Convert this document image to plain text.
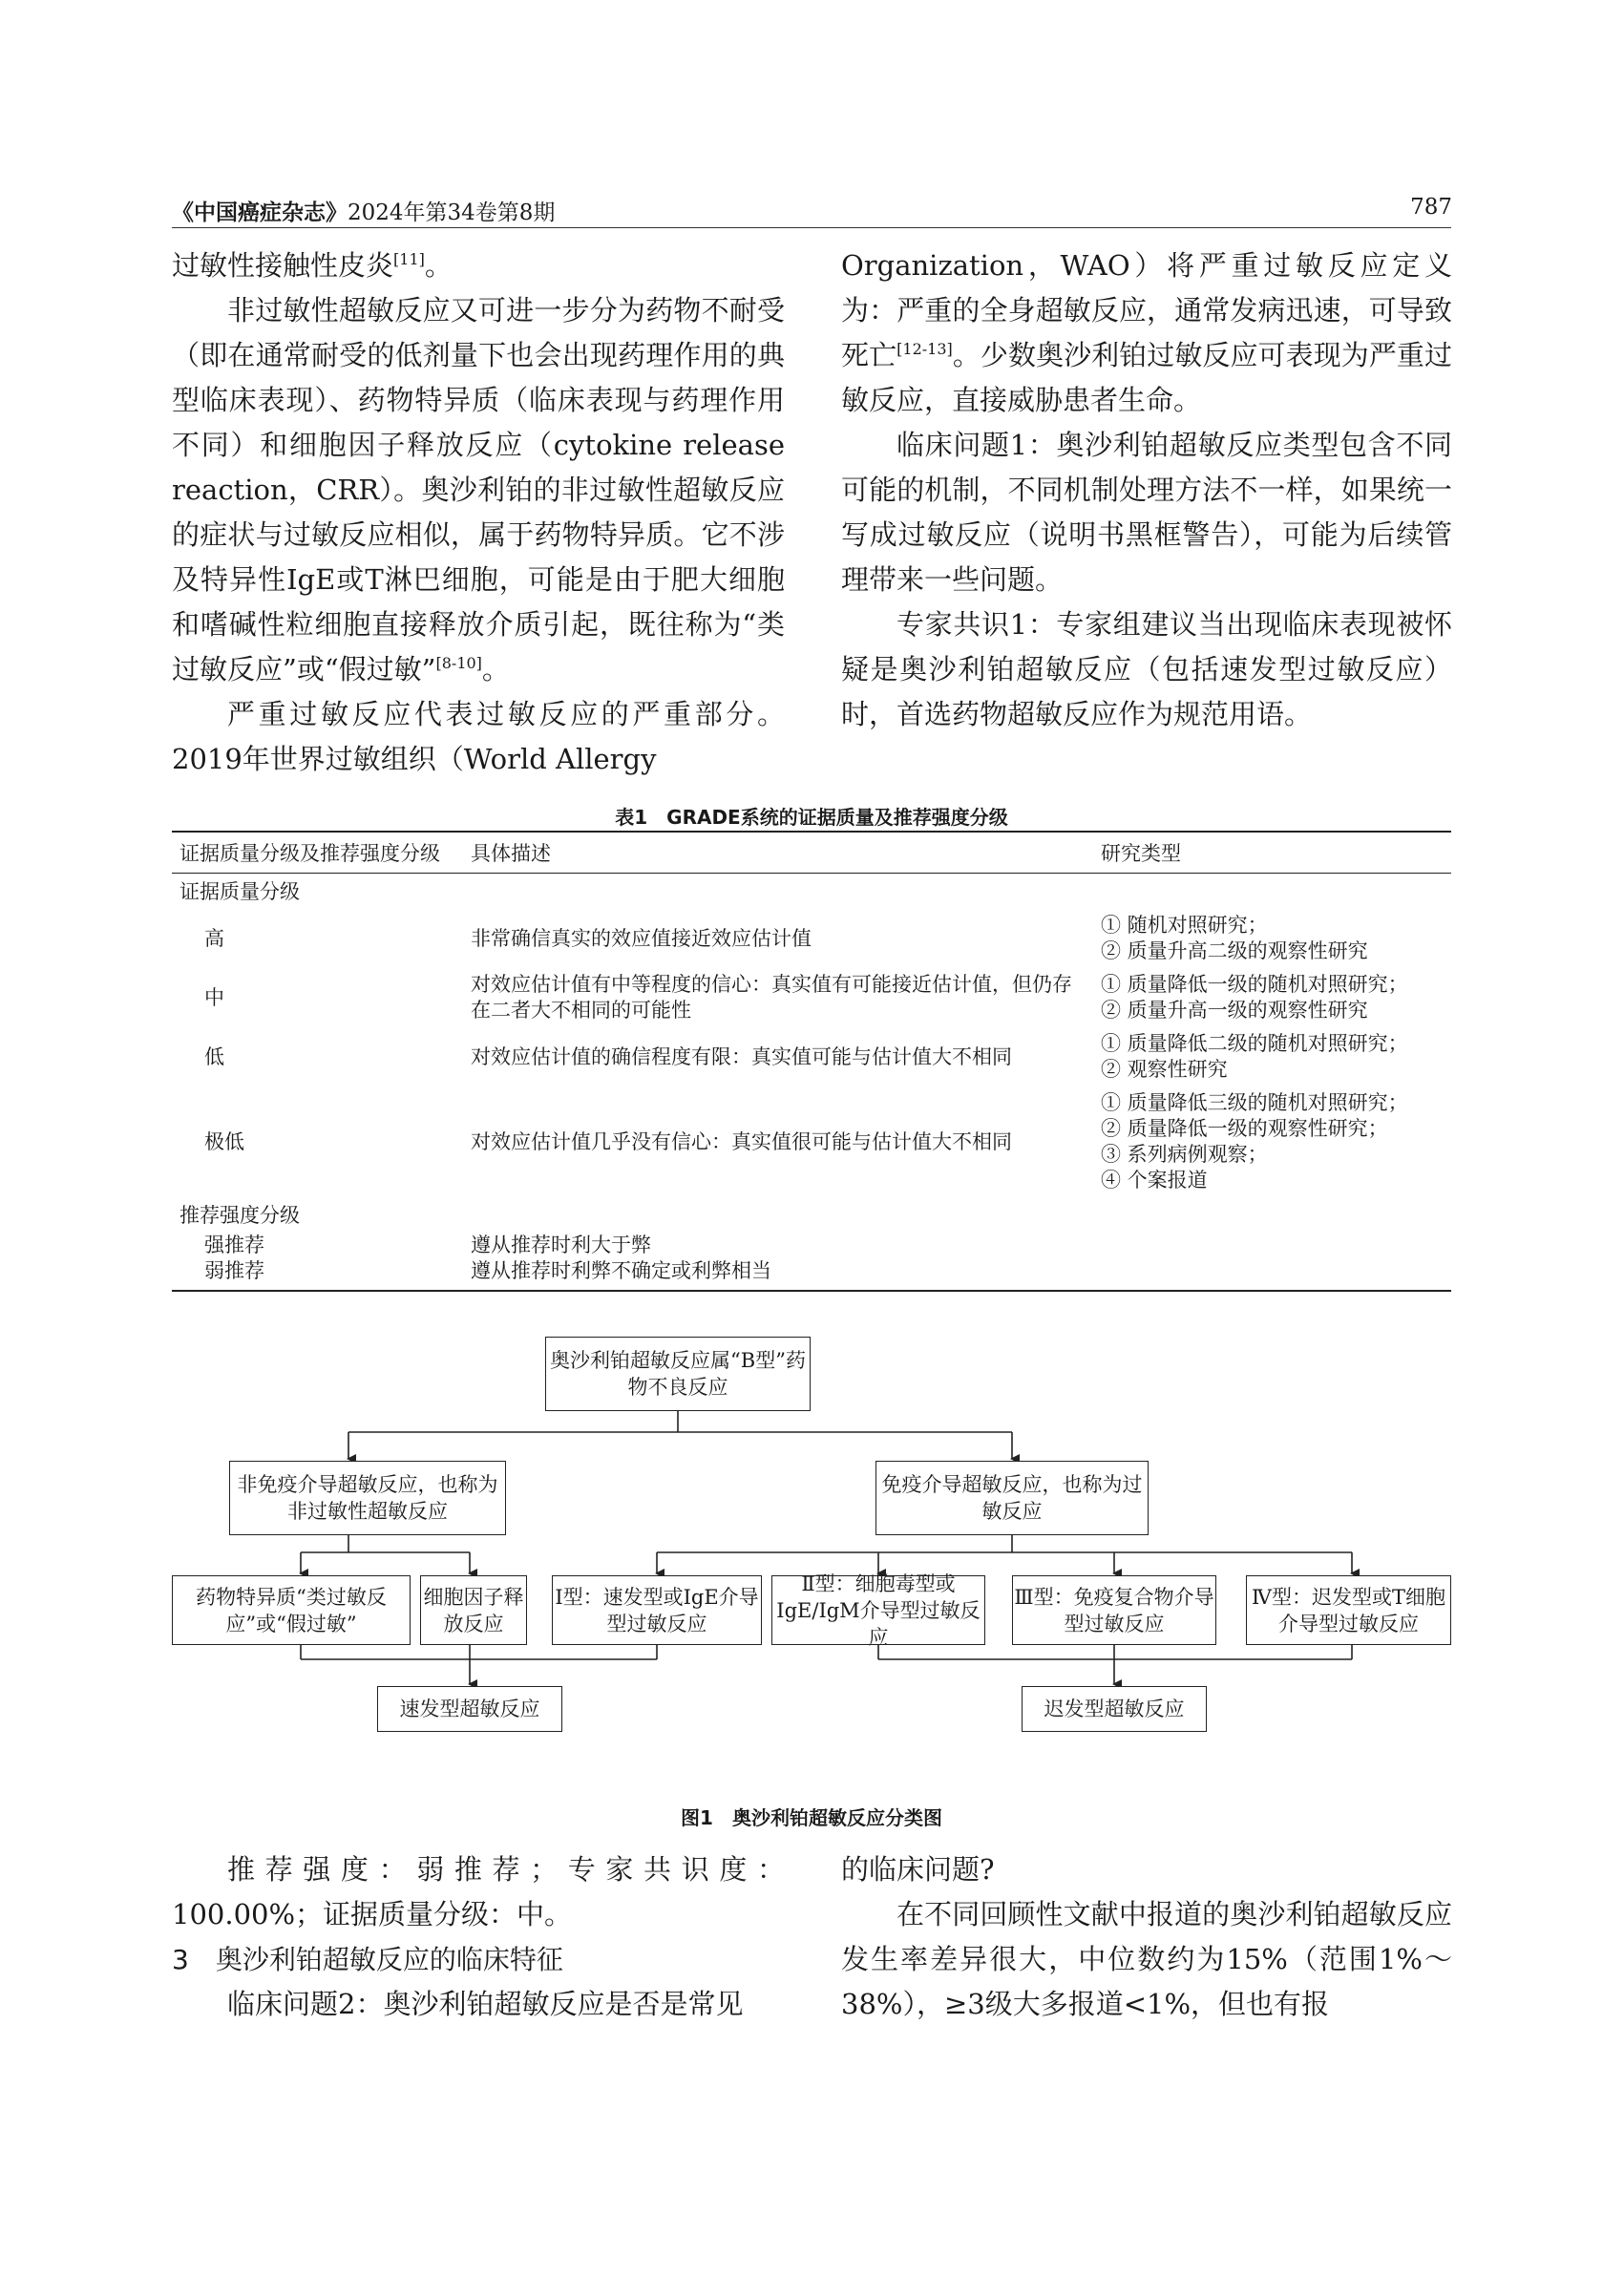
《中国癌症杂志》2024年第34卷第8期	787

过敏性接触性皮炎[11]。

非过敏性超敏反应又可进一步分为药物不耐受（即在通常耐受的低剂量下也会出现药理作用的典型临床表现）、药物特异质（临床表现与药理作用不同）和细胞因子释放反应（cytokine release reaction，CRR）。奥沙利铂的非过敏性超敏反应的症状与过敏反应相似，属于药物特异质。它不涉及特异性IgE或T淋巴细胞，可能是由于肥大细胞和嗜碱性粒细胞直接释放介质引起，既往称为“类过敏反应”或“假过敏”[8-10]。

严重过敏反应代表过敏反应的严重部分。2019年世界过敏组织（World Allergy

Organization，WAO）将严重过敏反应定义为：严重的全身超敏反应，通常发病迅速，可导致死亡[12-13]。少数奥沙利铂过敏反应可表现为严重过敏反应，直接威胁患者生命。

临床问题1：奥沙利铂超敏反应类型包含不同可能的机制，不同机制处理方法不一样，如果统一写成过敏反应（说明书黑框警告），可能为后续管理带来一些问题。

专家共识1：专家组建议当出现临床表现被怀疑是奥沙利铂超敏反应（包括速发型过敏反应）时，首选药物超敏反应作为规范用语。

表1　GRADE系统的证据质量及推荐强度分级
证据质量分级及推荐强度分级	具体描述	研究类型
证据质量分级		
高	非常确信真实的效应值接近效应估计值	① 随机对照研究；
② 质量升高二级的观察性研究

中	对效应估计值有中等程度的信心：真实值有可能接近估计值，但仍存在二者大不相同的可能性	① 质量降低一级的随机对照研究；
② 质量升高一级的观察性研究

低	对效应估计值的确信程度有限：真实值可能与估计值大不相同	① 质量降低二级的随机对照研究；
② 观察性研究

极低	对效应估计值几乎没有信心：真实值很可能与估计值大不相同	① 质量降低三级的随机对照研究；
② 质量降低一级的观察性研究；
③ 系列病例观察；
④ 个案报道

推荐强度分级		
强推荐	遵从推荐时利大于弊	
弱推荐	遵从推荐时利弊不确定或利弊相当	
奥沙利铂超敏反应属“B型”药物不良反应
非免疫介导超敏反应，也称为非过敏性超敏反应
免疫介导超敏反应，也称为过敏反应
药物特异质“类过敏反应”或“假过敏”
细胞因子释放反应
Ⅰ型：速发型或IgE介导型过敏反应
Ⅱ型：细胞毒型或IgE/IgM介导型过敏反应
Ⅲ型：免疫复合物介导型过敏反应
Ⅳ型：迟发型或T细胞介导型过敏反应
速发型超敏反应	迟发型超敏反应
图1　奥沙利铂超敏反应分类图

推荐强度：弱推荐；专家共识度：100.00%；证据质量分级：中。

3　奥沙利铂超敏反应的临床特征

临床问题2：奥沙利铂超敏反应是否是常见

的临床问题?

在不同回顾性文献中报道的奥沙利铂超敏反应发生率差异很大，中位数约为15%（范围1%～38%），≥3级大多报道<1%，但也有报
